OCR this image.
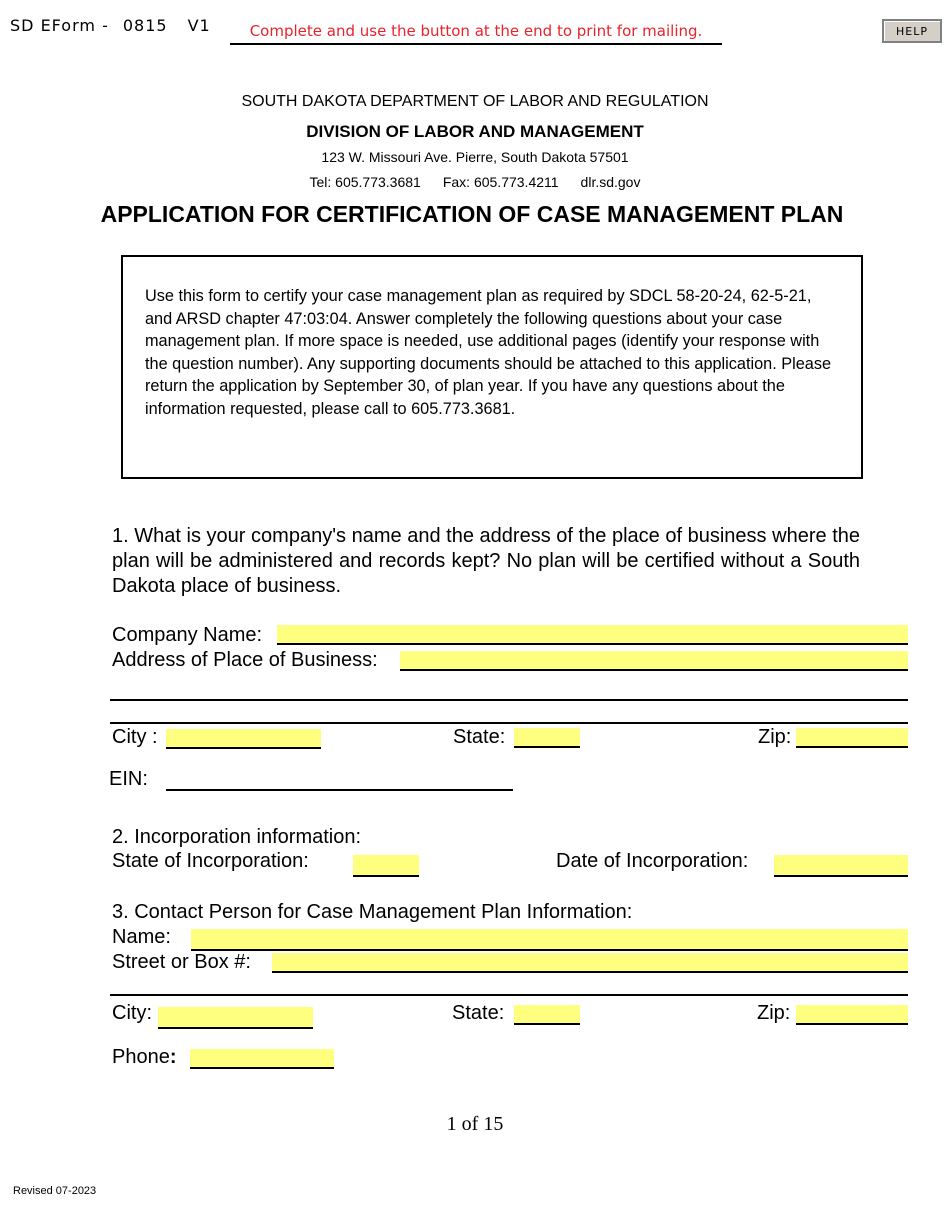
SD EForm - 0815 V1	Complete and use the button at the end to print for mailing.	HELP
SOUTH DAKOTA DEPARTMENT OF LABOR AND REGULATION
DIVISION OF LABOR AND MANAGEMENT
123 W. Missouri Ave. Pierre, South Dakota 57501
Tel: 605.773.3681 Fax: 605.773.4211 dlr.sd.gov
APPLICATION FOR CERTIFICATION OF CASE MANAGEMENT PLAN
Use this form to certify your case management plan as required by SDCL 58-20-24, 62-5-21, and ARSD chapter 47:03:04. Answer completely the following questions about your case management plan. If more space is needed, use additional pages (identify your response with the question number). Any supporting documents should be attached to this application. Please return the application by September 30, of plan year. If you have any questions about the information requested, please call to 605.773.3681.
1. What is your company's name and the address of the place of business where the plan will be administered and records kept? No plan will be certified without a South Dakota place of business.
Company Name:
Address of Place of Business:
City :	State:	Zip:
EIN:
2. Incorporation information:
State of Incorporation:	Date of Incorporation:
3. Contact Person for Case Management Plan Information:
Name:
Street or Box #:
City:	State:	Zip:
Phone:
1 of 15
Revised 07-2023
